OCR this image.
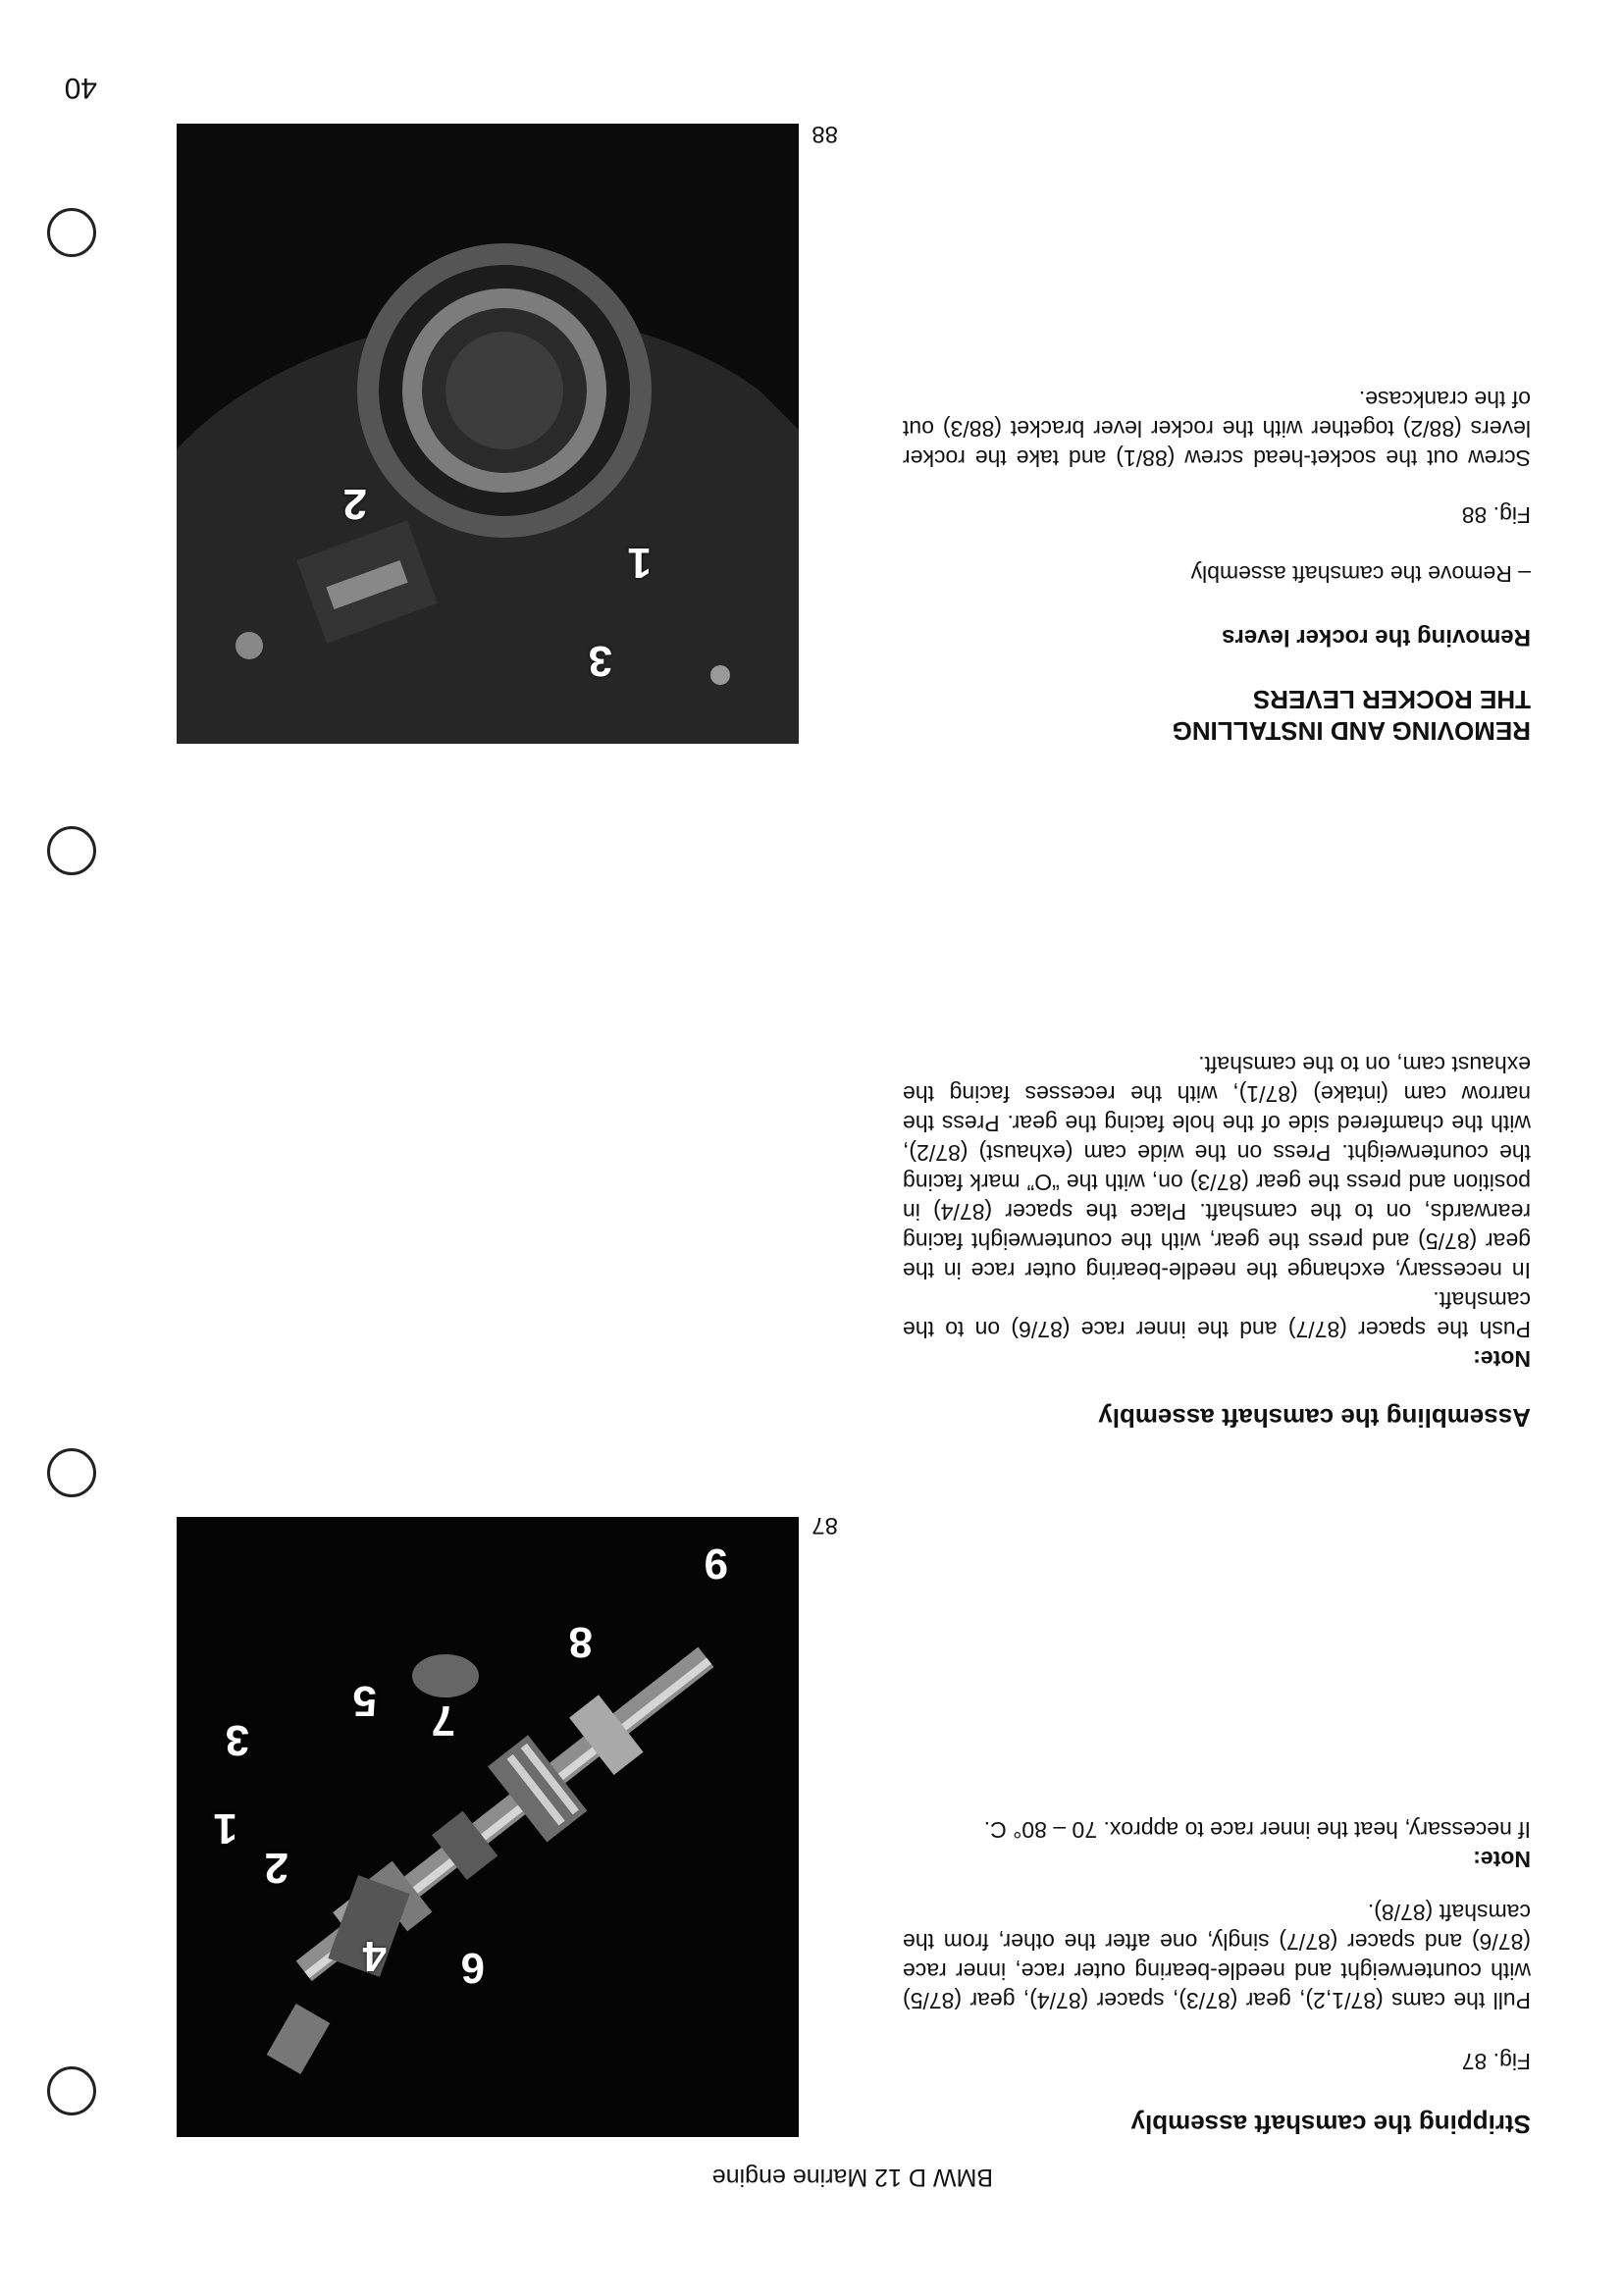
BMW D 12 Marine engine
40
Stripping the camshaft assembly
Fig. 87
Pull the cams (87/1,2), gear (87/3), spacer (87/4), gear (87/5) with counterweight and needle-bearing outer race, inner race (87/6) and spacer (87/7) singly, one after the other, from the camshaft (87/8).
Note:
If necessary, heat the inner race to approx. 70 – 80° C.
1
2
3
4
5
6
7
8
9
87
Assembling the camshaft assembly
Note:
Push the spacer (87/7) and the inner race (87/6) on to the camshaft.
In necessary, exchange the needle-bearing outer race in the gear (87/5) and press the gear, with the counterweight facing rearwards, on to the camshaft. Place the spacer (87/4) in position and press the gear (87/3) on, with the “O” mark facing the counterweight. Press on the wide cam (exhaust) (87/2), with the chamfered side of the hole facing the gear. Press the narrow cam (intake) (87/1), with the recesses facing the exhaust cam, on to the camshaft.
REMOVING AND INSTALLING
THE ROCKER LEVERS
Removing the rocker levers
– Remove the camshaft assembly
Fig. 88
Screw out the socket-head screw (88/1) and take the rocker levers (88/2) together with the rocker lever bracket (88/3) out of the crankcase.
1
2
3
88
